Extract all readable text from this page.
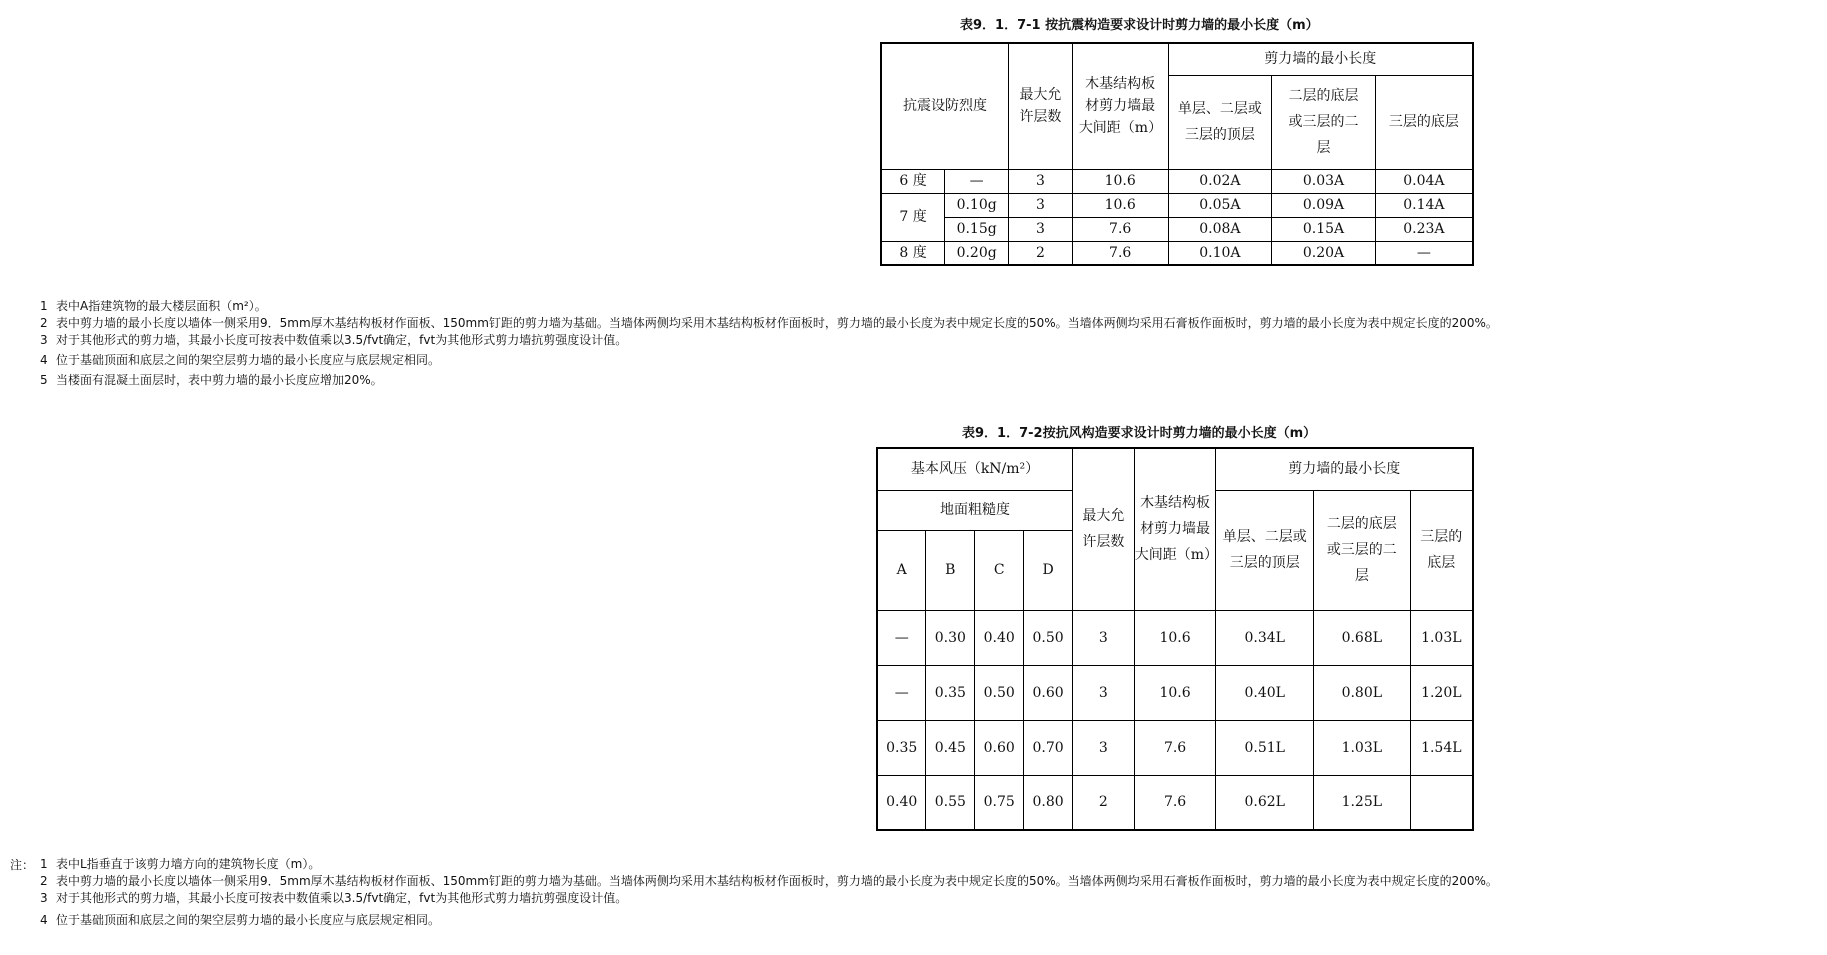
表9．1．7-1 按抗震构造要求设计时剪力墙的最小长度（m）
抗震设防烈度		最大允许层数	木基结构板材剪力墙最大间距（m）	剪力墙的最小长度		
				单层、二层或三层的顶层	二层的底层或三层的二层	三层的底层
6 度	—	3	10.6	0.02A	0.03A	0.04A
7 度	0.10g	3	10.6	0.05A	0.09A	0.14A
	0.15g	3	7.6	0.08A	0.15A	0.23A
8 度	0.20g	2	7.6	0.10A	0.20A	—
1 表中A指建筑物的最大楼层面积（m²）。
2 表中剪力墙的最小长度以墙体一侧采用9．5mm厚木基结构板材作面板、150mm钉距的剪力墙为基础。当墙体两侧均采用木基结构板材作面板时，剪力墙的最小长度为表中规定长度的50%。当墙体两侧均采用石膏板作面板时，剪力墙的最小长度为表中规定长度的200%。
3 对于其他形式的剪力墙，其最小长度可按表中数值乘以3.5/fvt确定，fvt为其他形式剪力墙抗剪强度设计值。
4 位于基础顶面和底层之间的架空层剪力墙的最小长度应与底层规定相同。
5 当楼面有混凝土面层时，表中剪力墙的最小长度应增加20%。
表9．1．7-2按抗风构造要求设计时剪力墙的最小长度（m）
基本风压（kN/m²）				最大允许层数	木基结构板材剪力墙最大间距（m）	剪力墙的最小长度		
地面粗糙度						单层、二层或三层的顶层	二层的底层或三层的二层	三层的底层
A	B	C	D					
—	0.30	0.40	0.50	3	10.6	0.34L	0.68L	1.03L
—	0.35	0.50	0.60	3	10.6	0.40L	0.80L	1.20L
0.35	0.45	0.60	0.70	3	7.6	0.51L	1.03L	1.54L
0.40	0.55	0.75	0.80	2	7.6	0.62L	1.25L	
注： 1 表中L指垂直于该剪力墙方向的建筑物长度（m）。
2 表中剪力墙的最小长度以墙体一侧采用9．5mm厚木基结构板材作面板、150mm钉距的剪力墙为基础。当墙体两侧均采用木基结构板材作面板时，剪力墙的最小长度为表中规定长度的50%。当墙体两侧均采用石膏板作面板时，剪力墙的最小长度为表中规定长度的200%。
3 对于其他形式的剪力墙，其最小长度可按表中数值乘以3.5/fvt确定，fvt为其他形式剪力墙抗剪强度设计值。
4 位于基础顶面和底层之间的架空层剪力墙的最小长度应与底层规定相同。
